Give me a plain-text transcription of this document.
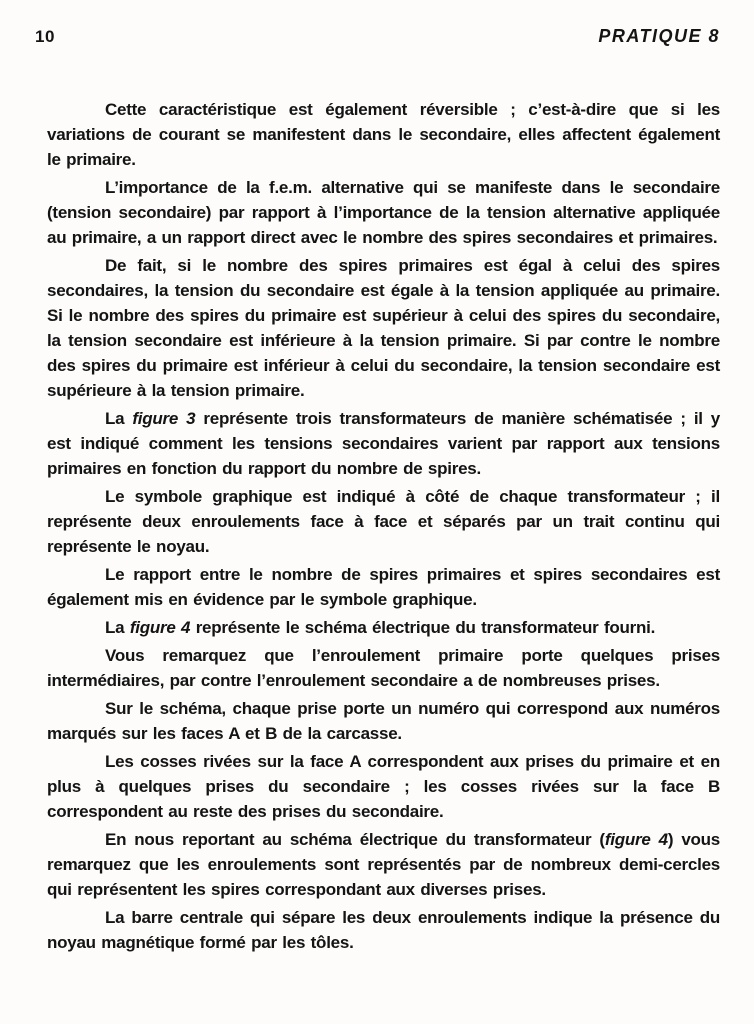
10	PRATIQUE 8

Cette caractéristique est également réversible ; c’est-à-dire que si les variations de courant se manifestent dans le secondaire, elles affectent également le primaire.

L’importance de la f.e.m. alternative qui se manifeste dans le secondaire (tension secondaire) par rapport à l’importance de la tension alternative appliquée au primaire, a un rapport direct avec le nombre des spires secondaires et primaires.

De fait, si le nombre des spires primaires est égal à celui des spires secondaires, la tension du secondaire est égale à la tension appliquée au primaire. Si le nombre des spires du primaire est supérieur à celui des spires du secondaire, la tension secondaire est inférieure à la tension primaire. Si par contre le nombre des spires du primaire est inférieur à celui du secondaire, la tension secondaire est supérieure à la tension primaire.

La figure 3 représente trois transformateurs de manière schématisée ; il y est indiqué comment les tensions secondaires varient par rapport aux tensions primaires en fonction du rapport du nombre de spires.

Le symbole graphique est indiqué à côté de chaque transformateur ; il représente deux enroulements face à face et séparés par un trait continu qui représente le noyau.

Le rapport entre le nombre de spires primaires et spires secondaires est également mis en évidence par le symbole graphique.

La figure 4 représente le schéma électrique du transformateur fourni.

Vous remarquez que l’enroulement primaire porte quelques prises intermédiaires, par contre l’enroulement secondaire a de nombreuses prises.

Sur le schéma, chaque prise porte un numéro qui correspond aux numéros marqués sur les faces A et B de la carcasse.

Les cosses rivées sur la face A correspondent aux prises du primaire et en plus à quelques prises du secondaire ; les cosses rivées sur la face B correspondent au reste des prises du secondaire.

En nous reportant au schéma électrique du transformateur (figure 4) vous remarquez que les enroulements sont représentés par de nombreux demi-cercles qui représentent les spires correspondant aux diverses prises.

La barre centrale qui sépare les deux enroulements indique la présence du noyau magnétique formé par les tôles.
